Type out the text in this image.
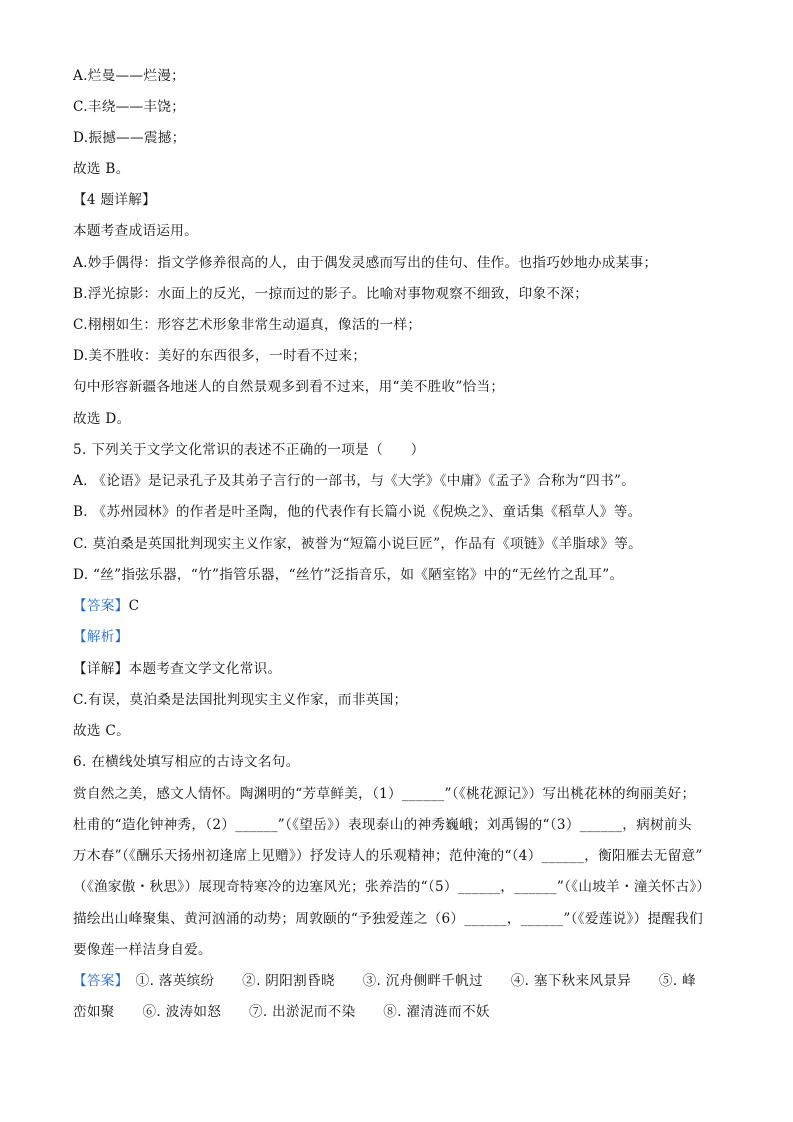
A.烂曼——烂漫；
C.丰绕——丰饶；
D.振撼——震撼；
故选 B。
【4 题详解】
本题考查成语运用。
A.妙手偶得：指文学修养很高的人，由于偶发灵感而写出的佳句、佳作。也指巧妙地办成某事；
B.浮光掠影：水面上的反光，一掠而过的影子。比喻对事物观察不细致，印象不深；
C.栩栩如生：形容艺术形象非常生动逼真，像活的一样；
D.美不胜收：美好的东西很多，一时看不过来；
句中形容新疆各地迷人的自然景观多到看不过来，用“美不胜收”恰当；
故选 D。
5. 下列关于文学文化常识的表述不正确的一项是（　　）
A. 《论语》是记录孔子及其弟子言行的一部书，与《大学》《中庸》《孟子》合称为“四书”。
B. 《苏州园林》的作者是叶圣陶，他的代表作有长篇小说《倪焕之》、童话集《稻草人》等。
C. 莫泊桑是英国批判现实主义作家，被誉为“短篇小说巨匠”，作品有《项链》《羊脂球》等。
D. “丝”指弦乐器，“竹”指管乐器，“丝竹”泛指音乐，如《陋室铭》中的“无丝竹之乱耳”。
【答案】C
【解析】
【详解】本题考查文学文化常识。
C.有误，莫泊桑是法国批判现实主义作家，而非英国；
故选 C。
6. 在横线处填写相应的古诗文名句。
赏自然之美，感文人情怀。陶渊明的“芳草鲜美，（1）______”（《桃花源记》）写出桃花林的绚丽美好；
杜甫的“造化钟神秀，（2）______”（《望岳》）表现泰山的神秀巍峨；刘禹锡的“（3）______，病树前头
万木春”（《酬乐天扬州初逢席上见赠》）抒发诗人的乐观精神；范仲淹的“（4）______，衡阳雁去无留意”
（《渔家傲・秋思》）展现奇特寒冷的边塞风光；张养浩的“（5）______，______”（《山坡羊・潼关怀古》）
描绘出山峰聚集、黄河汹涌的动势；周敦颐的“予独爱莲之（6）______，______”（《爱莲说》）提醒我们
要像莲一样洁身自爱。
【答案】　①. 落英缤纷　　②. 阴阳割昏晓　　③. 沉舟侧畔千帆过　　④. 塞下秋来风景异　　⑤. 峰
峦如聚　　⑥. 波涛如怒　　⑦. 出淤泥而不染　　⑧. 濯清涟而不妖
